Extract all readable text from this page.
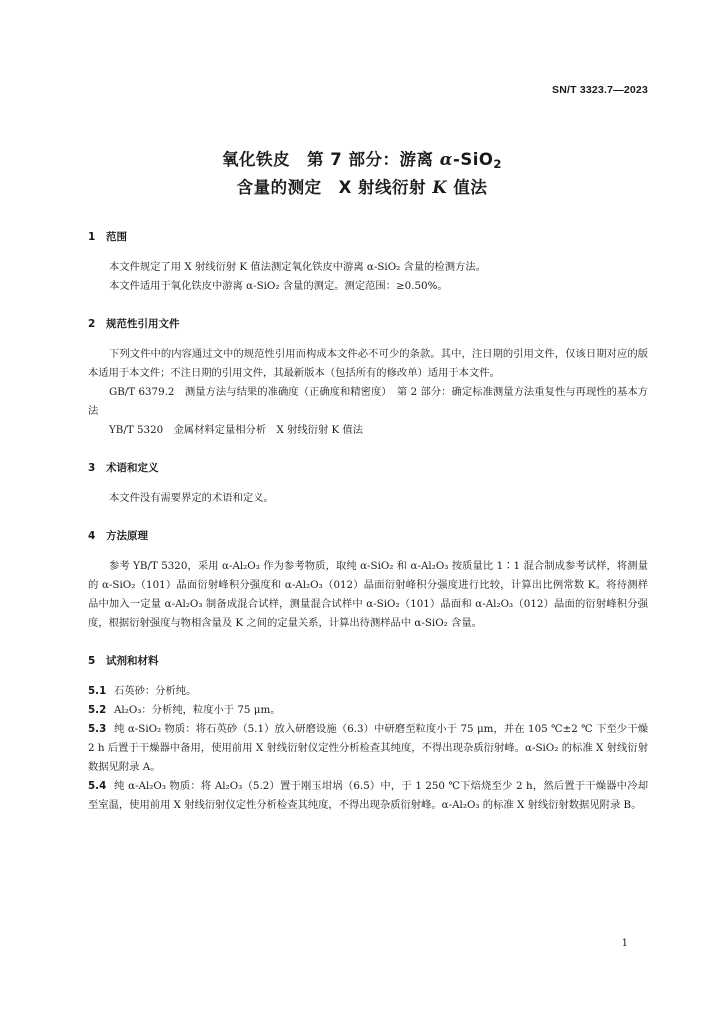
SN/T 3323.7—2023
氧化铁皮　第 7 部分：游离 α-SiO$_2$
含量的测定　X 射线衍射 K 值法
1 范围

本文件规定了用 X 射线衍射 K 值法测定氧化铁皮中游离 α-SiO₂ 含量的检测方法。

本文件适用于氧化铁皮中游离 α-SiO₂ 含量的测定。测定范围：≥0.50%。

2 规范性引用文件

下列文件中的内容通过文中的规范性引用而构成本文件必不可少的条款。其中，注日期的引用文件，仅该日期对应的版本适用于本文件；不注日期的引用文件，其最新版本（包括所有的修改单）适用于本文件。

GB/T 6379.2　测量方法与结果的准确度（正确度和精密度）　第 2 部分：确定标准测量方法重复性与再现性的基本方法

YB/T 5320　金属材料定量相分析　X 射线衍射 K 值法

3 术语和定义

本文件没有需要界定的术语和定义。

4 方法原理

参考 YB/T 5320，采用 α-Al₂O₃ 作为参考物质，取纯 α-SiO₂ 和 α-Al₂O₃ 按质量比 1∶1 混合制成参考试样，将测量的 α-SiO₂（101）晶面衍射峰积分强度和 α-Al₂O₃（012）晶面衍射峰积分强度进行比较，计算出比例常数 K。将待测样品中加入一定量 α-Al₂O₃ 制备成混合试样，测量混合试样中 α-SiO₂（101）晶面和 α-Al₂O₃（012）晶面的衍射峰积分强度，根据衍射强度与物相含量及 K 之间的定量关系，计算出待测样品中 α-SiO₂ 含量。

5 试剂和材料

5.1 石英砂：分析纯。

5.2 Al₂O₃：分析纯，粒度小于 75 μm。

5.3 纯 α-SiO₂ 物质：将石英砂（5.1）放入研磨设施（6.3）中研磨至粒度小于 75 μm，并在 105 ℃±2 ℃ 下至少干燥 2 h 后置于干燥器中备用，使用前用 X 射线衍射仪定性分析检查其纯度，不得出现杂质衍射峰。α-SiO₂ 的标准 X 射线衍射数据见附录 A。

5.4 纯 α-Al₂O₃ 物质：将 Al₂O₃（5.2）置于刚玉坩埚（6.5）中，于 1 250 ℃下焙烧至少 2 h，然后置于干燥器中冷却至室温，使用前用 X 射线衍射仪定性分析检查其纯度，不得出现杂质衍射峰。α-Al₂O₃ 的标准 X 射线衍射数据见附录 B。

1
